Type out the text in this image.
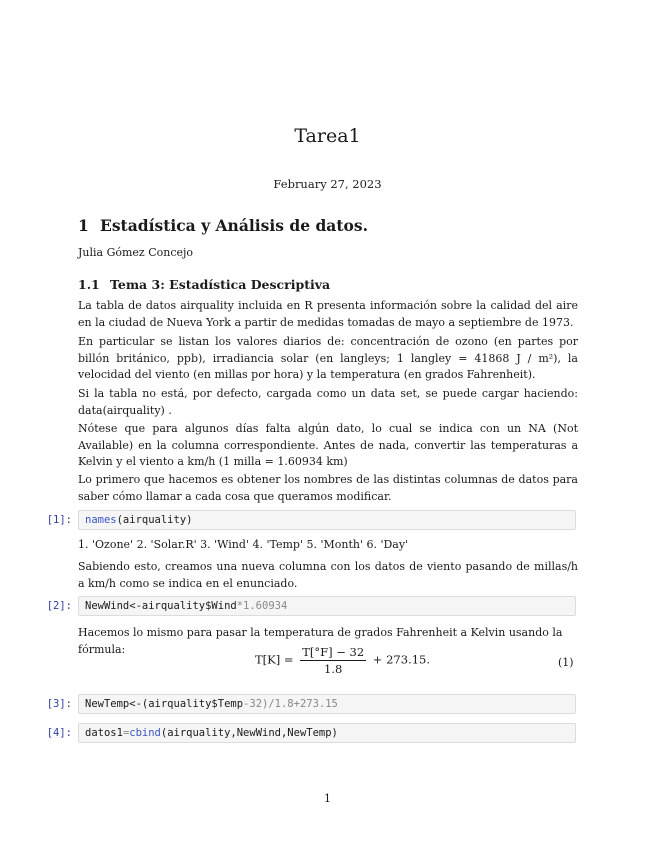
Tarea1
February 27, 2023
1 Estadística y Análisis de datos.
Julia Gómez Concejo
1.1 Tema 3: Estadística Descriptiva
La tabla de datos airquality incluida en R presenta información sobre la calidad del aire en la ciudad de Nueva York a partir de medidas tomadas de mayo a septiembre de 1973.
En particular se listan los valores diarios de: concentración de ozono (en partes por billón británico, ppb), irradiancia solar (en langleys; 1 langley = 41868 J / m²), la velocidad del viento (en millas por hora) y la temperatura (en grados Fahrenheit).
Si la tabla no está, por defecto, cargada como un data set, se puede cargar haciendo: data(airquality) .
Nótese que para algunos días falta algún dato, lo cual se indica con un NA (Not Available) en la columna correspondiente. Antes de nada, convertir las temperaturas a Kelvin y el viento a km/h (1 milla = 1.60934 km)
Lo primero que hacemos es obtener los nombres de las distintas columnas de datos para saber cómo llamar a cada cosa que queramos modificar.
[1]:	names(airquality)
1. 'Ozone' 2. 'Solar.R' 3. 'Wind' 4. 'Temp' 5. 'Month' 6. 'Day'
Sabiendo esto, creamos una nueva columna con los datos de viento pasando de millas/h a km/h como se indica en el enunciado.
[2]:	NewWind<-airquality$Wind*1.60934
Hacemos lo mismo para pasar la temperatura de grados Fahrenheit a Kelvin usando la fórmula:
$T[K] = \frac{T[^\circ F] - 32}{1.8} + 273.15$.	(1)
[3]:	NewTemp<-(airquality$Temp-32)/1.8+273.15
[4]:	datos1=cbind(airquality,NewWind,NewTemp)
1
